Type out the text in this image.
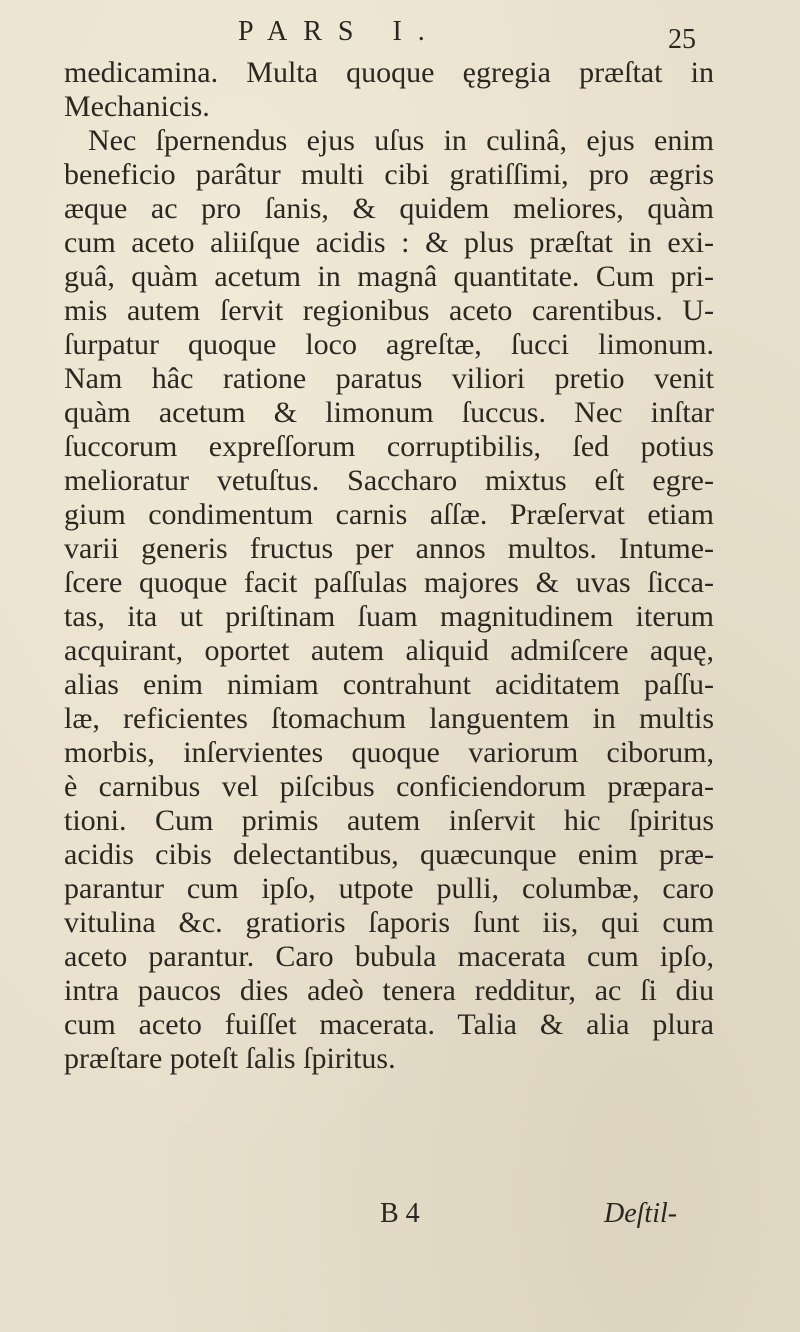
PARS I.	25
medicamina. Multa quoque ęgregia præſtat in
Mechanicis.
Nec ſpernendus ejus uſus in culinâ, ejus enim
beneficio parâtur multi cibi gratiſſimi, pro ægris
æque ac pro ſanis, & quidem meliores, quàm
cum aceto aliiſque acidis : & plus præſtat in exi-
guâ, quàm acetum in magnâ quantitate. Cum pri-
mis autem ſervit regionibus aceto carentibus. U-
ſurpatur quoque loco agreſtæ, ſucci limonum.
Nam hâc ratione paratus viliori pretio venit
quàm acetum & limonum ſuccus. Nec inſtar
ſuccorum expreſſorum corruptibilis, ſed potius
melioratur vetuſtus. Saccharo mixtus eſt egre-
gium condimentum carnis aſſæ. Præſervat etiam
varii generis fructus per annos multos. Intume-
ſcere quoque facit paſſulas majores & uvas ſicca-
tas, ita ut priſtinam ſuam magnitudinem iterum
acquirant, oportet autem aliquid admiſcere aquę,
alias enim nimiam contrahunt aciditatem paſſu-
læ, reficientes ſtomachum languentem in multis
morbis, inſervientes quoque variorum ciborum,
è carnibus vel piſcibus conficiendorum præpara-
tioni. Cum primis autem inſervit hic ſpiritus
acidis cibis delectantibus, quæcunque enim præ-
parantur cum ipſo, utpote pulli, columbæ, caro
vitulina &c. gratioris ſaporis ſunt iis, qui cum
aceto parantur. Caro bubula macerata cum ipſo,
intra paucos dies adeò tenera redditur, ac ſi diu
cum aceto fuiſſet macerata. Talia & alia plura
præſtare poteſt ſalis ſpiritus.
B 4	Deſtil-
